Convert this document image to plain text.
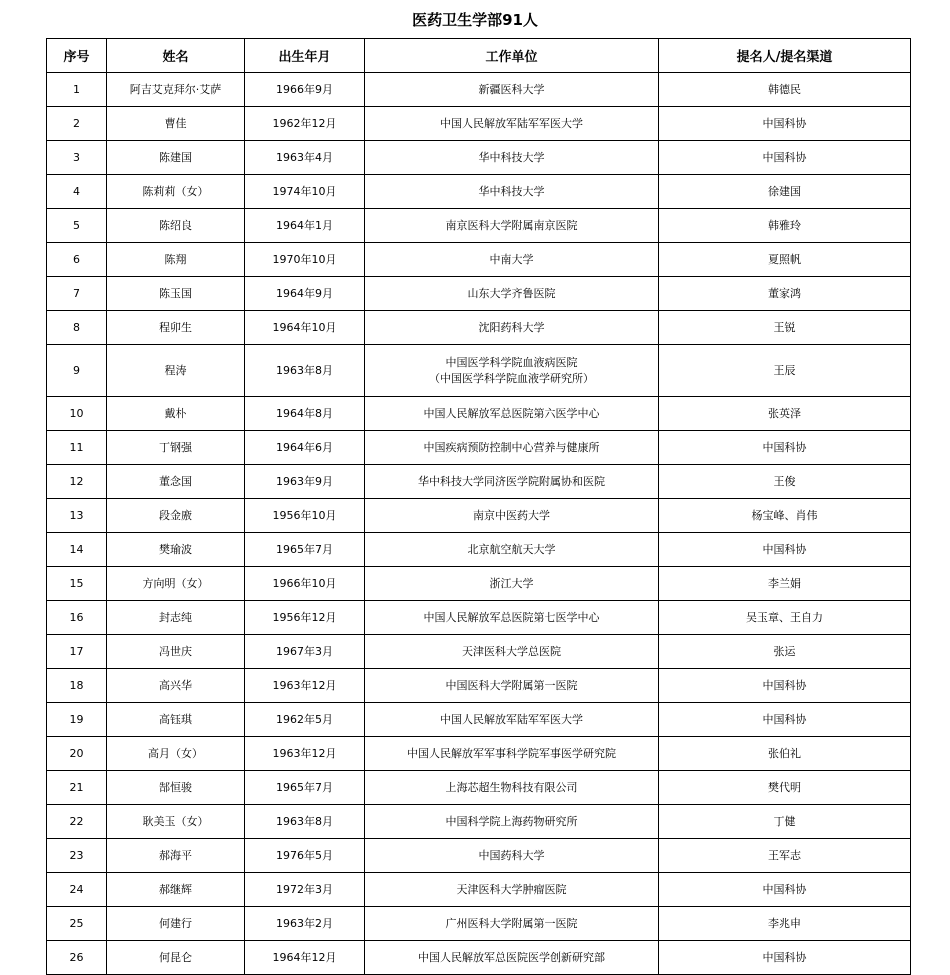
医药卫生学部91人
序号	姓名	出生年月	工作单位	提名人/提名渠道
1	阿吉艾克拜尔·艾萨	1966年9月	新疆医科大学	韩德民
2	曹佳	1962年12月	中国人民解放军陆军军医大学	中国科协
3	陈建国	1963年4月	华中科技大学	中国科协
4	陈莉莉（女）	1974年10月	华中科技大学	徐建国
5	陈绍良	1964年1月	南京医科大学附属南京医院	韩雅玲
6	陈翔	1970年10月	中南大学	夏照帆
7	陈玉国	1964年9月	山东大学齐鲁医院	董家鸿
8	程卯生	1964年10月	沈阳药科大学	王锐
9	程涛	1963年8月	中国医学科学院血液病医院
（中国医学科学院血液学研究所）	王辰
10	戴朴	1964年8月	中国人民解放军总医院第六医学中心	张英泽
11	丁钢强	1964年6月	中国疾病预防控制中心营养与健康所	中国科协
12	董念国	1963年9月	华中科技大学同济医学院附属协和医院	王俊
13	段金廒	1956年10月	南京中医药大学	杨宝峰、肖伟
14	樊瑜波	1965年7月	北京航空航天大学	中国科协
15	方向明（女）	1966年10月	浙江大学	李兰娟
16	封志纯	1956年12月	中国人民解放军总医院第七医学中心	吴玉章、王自力
17	冯世庆	1967年3月	天津医科大学总医院	张运
18	高兴华	1963年12月	中国医科大学附属第一医院	中国科协
19	高钰琪	1962年5月	中国人民解放军陆军军医大学	中国科协
20	高月（女）	1963年12月	中国人民解放军军事科学院军事医学研究院	张伯礼
21	郜恒骏	1965年7月	上海芯超生物科技有限公司	樊代明
22	耿美玉（女）	1963年8月	中国科学院上海药物研究所	丁健
23	郝海平	1976年5月	中国药科大学	王军志
24	郝继辉	1972年3月	天津医科大学肿瘤医院	中国科协
25	何建行	1963年2月	广州医科大学附属第一医院	李兆申
26	何昆仑	1964年12月	中国人民解放军总医院医学创新研究部	中国科协
